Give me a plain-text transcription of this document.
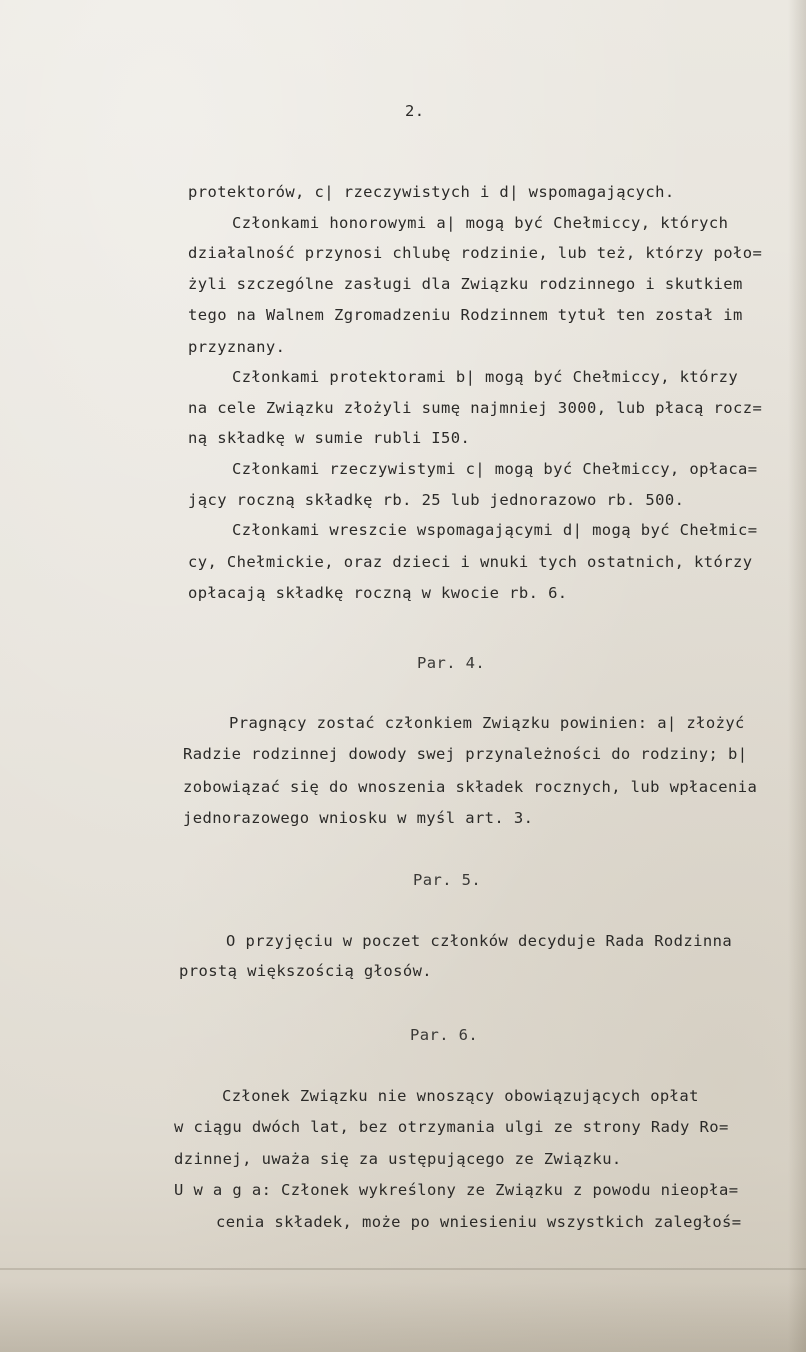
2.

protektorów, c| rzeczywistych i d| wspomagających.

Członkami honorowymi a| mogą być Chełmiccy, których

działalność przynosi chlubę rodzinie, lub też, którzy poło=

żyli szczególne zasługi dla Związku rodzinnego i skutkiem

tego na Walnem Zgromadzeniu Rodzinnem tytuł ten został im

przyznany.

Członkami protektorami b| mogą być Chełmiccy, którzy

na cele Związku złożyli sumę najmniej 3000, lub płacą rocz=

ną składkę w sumie rubli I50.

Członkami rzeczywistymi c| mogą być Chełmiccy, opłaca=

jący roczną składkę rb. 25 lub jednorazowo rb. 500.

Członkami wreszcie wspomagającymi d| mogą być Chełmic=

cy, Chełmickie, oraz dzieci i wnuki tych ostatnich, którzy

opłacają składkę roczną w kwocie rb. 6.

Par. 4.

Pragnący zostać członkiem Związku powinien: a| złożyć

Radzie rodzinnej dowody swej przynależności do rodziny; b|

zobowiązać się do wnoszenia składek rocznych, lub wpłacenia

jednorazowego wniosku w myśl art. 3.

Par. 5.

O przyjęciu w poczet członków decyduje Rada Rodzinna

prostą większością głosów.

Par. 6.

Członek Związku nie wnoszący obowiązujących opłat

w ciągu dwóch lat, bez otrzymania ulgi ze strony Rady Ro=

dzinnej, uważa się za ustępującego ze Związku.

U w a g a: Członek wykreślony ze Związku z powodu nieopła=

cenia składek, może po wniesieniu wszystkich zaległoś=
